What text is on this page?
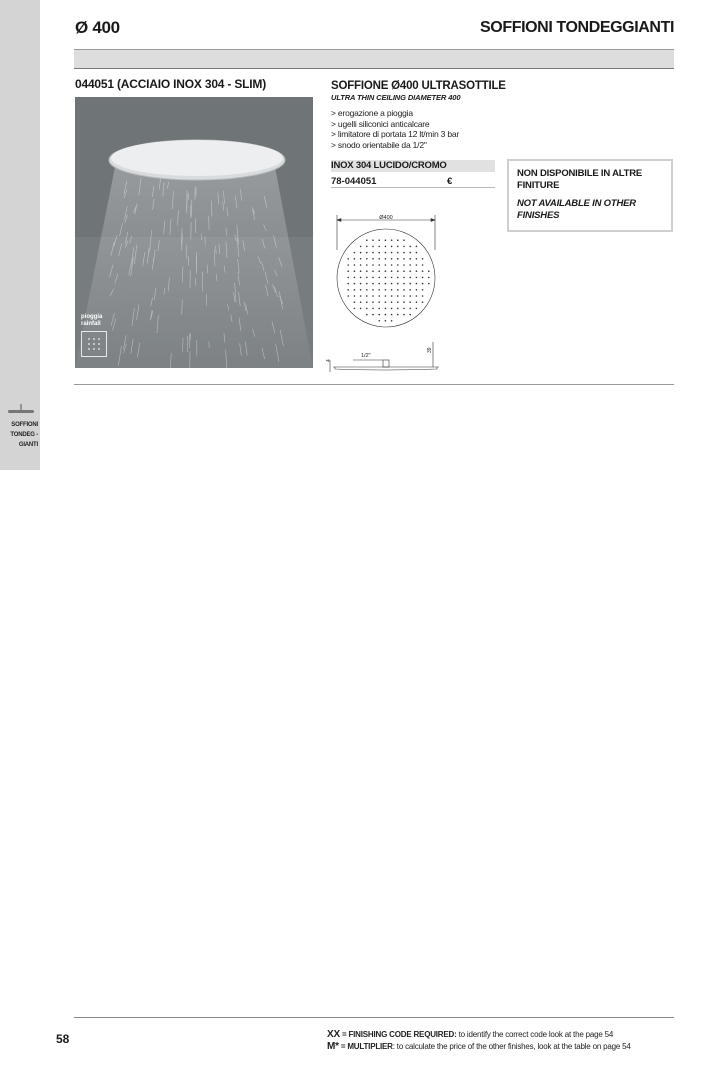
SOFFIONI
TONDEG -
GIANTI
Ø 400	SOFFIONI TONDEGGIANTI
044051 (ACCIAIO INOX 304 - SLIM)
pioggia
rainfall
SOFFIONE Ø400 ULTRASOTTILE
ULTRA THIN CEILING DIAMETER 400
> erogazione a pioggia
> ugelli siliconici anticalcare
> limitatore di portata 12 lt/min 3 bar
> snodo orientabile da 1/2"
INOX 304 LUCIDO/CROMO
78-044051	€
NON DISPONIBILE IN ALTRE FINITURE
NOT AVAILABLE IN OTHER FINISHES
Ø400
1/2"
39
4
58	XX = FINISHING CODE REQUIRED: to identify the correct code look at the page 54
M* = MULTIPLIER: to calculate the price of the other finishes, look at the table on page 54
